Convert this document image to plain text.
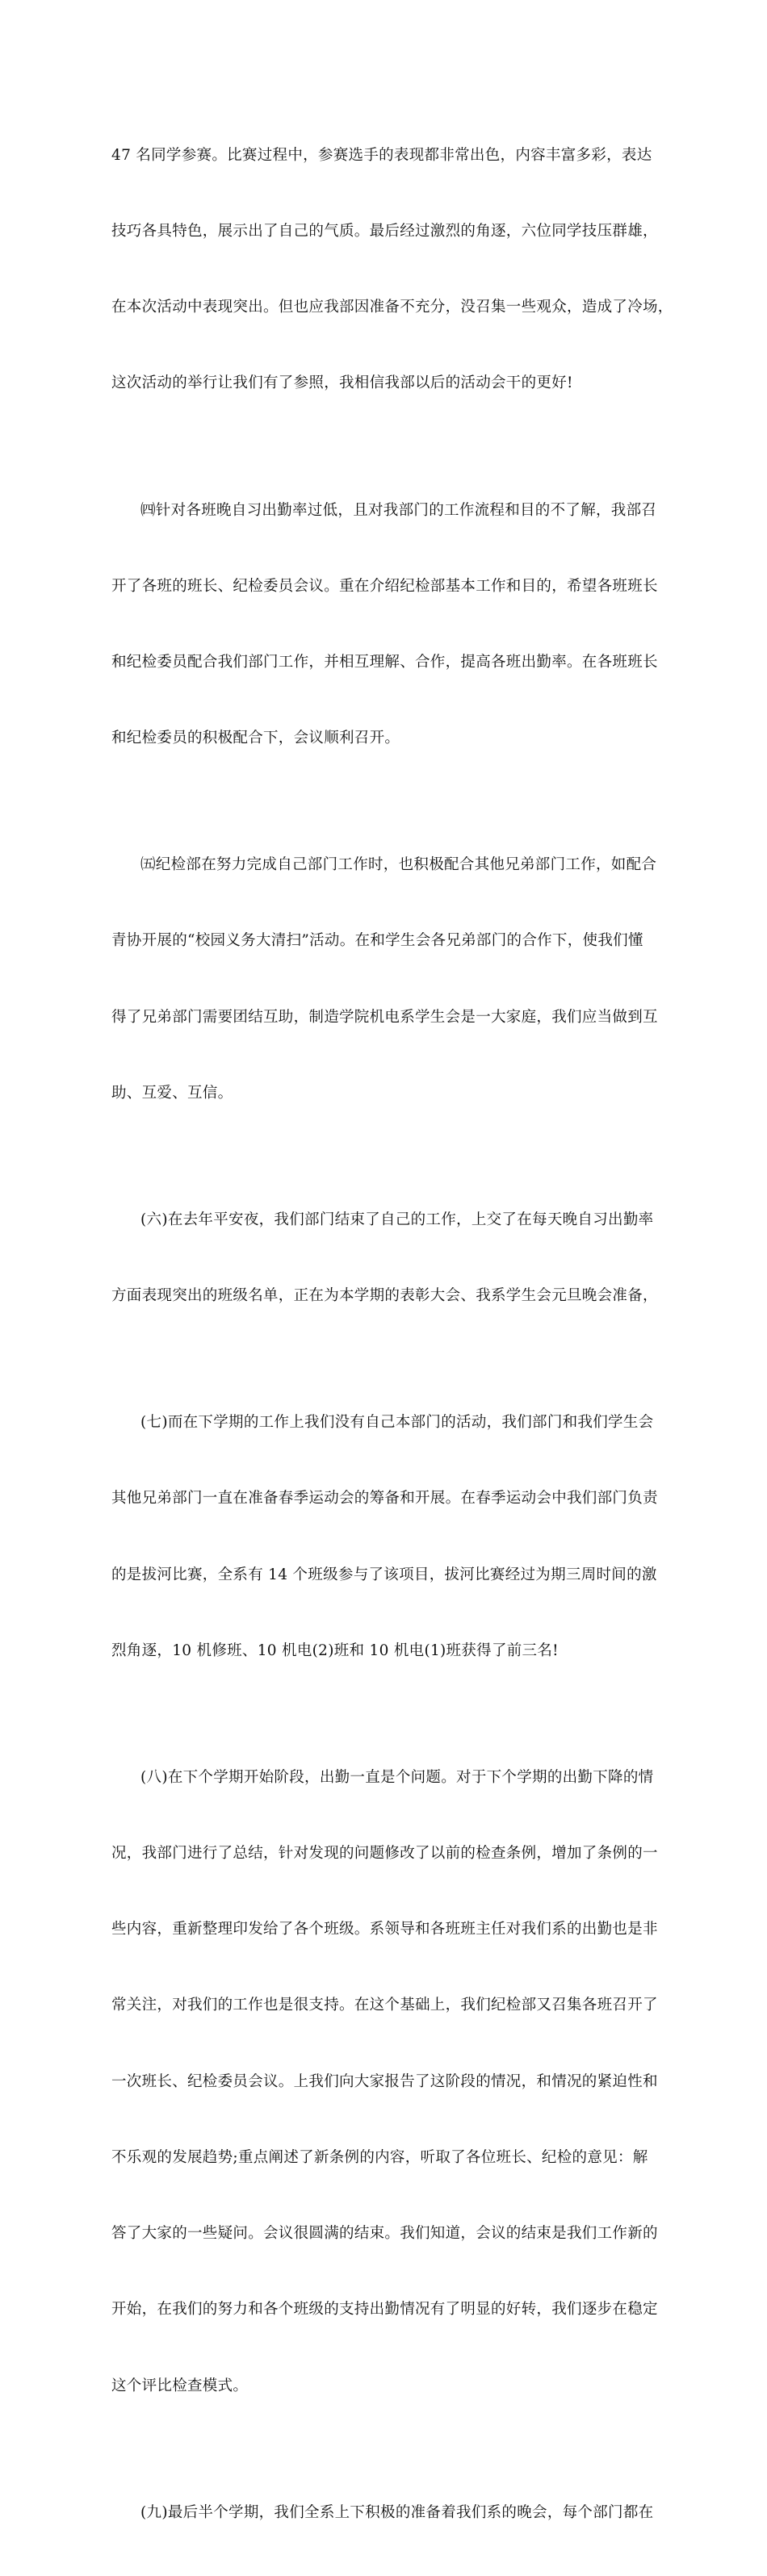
47 名同学参赛。比赛过程中，参赛选手的表现都非常出色，内容丰富多彩，表达

技巧各具特色，展示出了自己的气质。最后经过激烈的角逐，六位同学技压群雄，

在本次活动中表现突出。但也应我部因准备不充分，没召集一些观众，造成了冷场，

这次活动的举行让我们有了参照，我相信我部以后的活动会干的更好!

㈣针对各班晚自习出勤率过低，且对我部门的工作流程和目的不了解，我部召

开了各班的班长、纪检委员会议。重在介绍纪检部基本工作和目的，希望各班班长

和纪检委员配合我们部门工作，并相互理解、合作，提高各班出勤率。在各班班长

和纪检委员的积极配合下，会议顺利召开。

㈤纪检部在努力完成自己部门工作时，也积极配合其他兄弟部门工作，如配合

青协开展的“校园义务大清扫”活动。在和学生会各兄弟部门的合作下，使我们懂

得了兄弟部门需要团结互助，制造学院机电系学生会是一大家庭，我们应当做到互

助、互爱、互信。

(六)在去年平安夜，我们部门结束了自己的工作，上交了在每天晚自习出勤率

方面表现突出的班级名单，正在为本学期的表彰大会、我系学生会元旦晚会准备，

(七)而在下学期的工作上我们没有自己本部门的活动，我们部门和我们学生会

其他兄弟部门一直在准备春季运动会的筹备和开展。在春季运动会中我们部门负责

的是拔河比赛，全系有 14 个班级参与了该项目，拔河比赛经过为期三周时间的激

烈角逐，10 机修班、10 机电(2)班和 10 机电(1)班获得了前三名!

(八)在下个学期开始阶段，出勤一直是个问题。对于下个学期的出勤下降的情

况，我部门进行了总结，针对发现的问题修改了以前的检查条例，增加了条例的一

些内容，重新整理印发给了各个班级。系领导和各班班主任对我们系的出勤也是非

常关注，对我们的工作也是很支持。在这个基础上，我们纪检部又召集各班召开了

一次班长、纪检委员会议。上我们向大家报告了这阶段的情况，和情况的紧迫性和

不乐观的发展趋势;重点阐述了新条例的内容，听取了各位班长、纪检的意见：解

答了大家的一些疑问。会议很圆满的结束。我们知道，会议的结束是我们工作新的

开始，在我们的努力和各个班级的支持出勤情况有了明显的好转，我们逐步在稳定

这个评比检查模式。

(九)最后半个学期，我们全系上下积极的准备着我们系的晚会，每个部门都在
